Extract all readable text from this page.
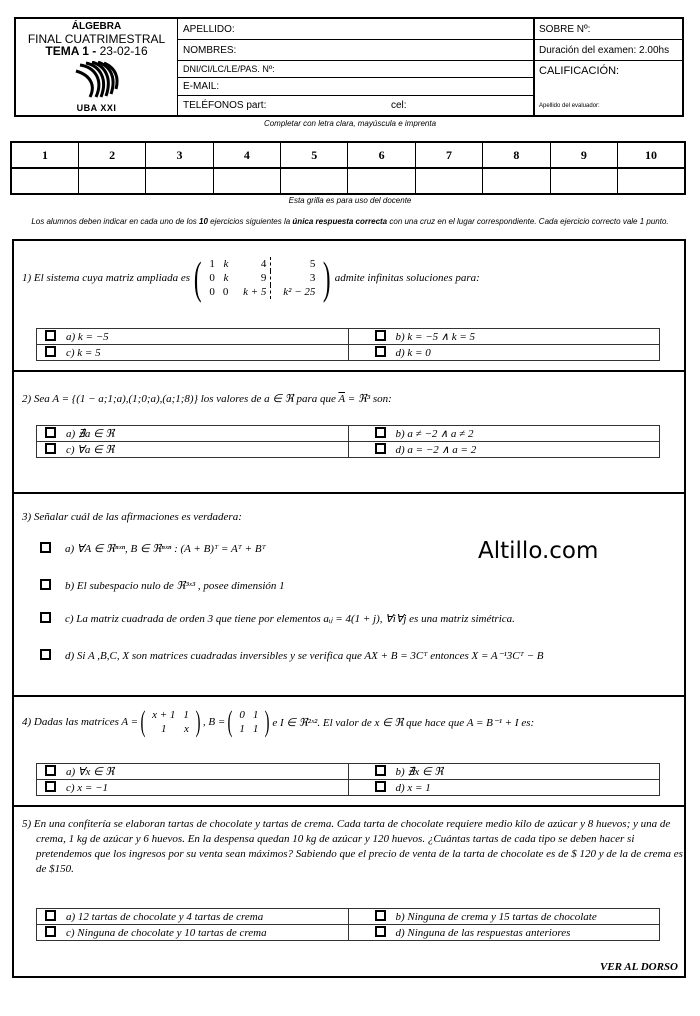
ÁLGEBRA
FINAL CUATRIMESTRAL
TEMA 1 - 23-02-16
UBA XXI
APELLIDO:
NOMBRES:
DNI/CI/LC/LE/PAS. Nº:
E-MAIL:
TELÉFONOS part:	cel:
SOBRE Nº:
Duración del examen: 2.00hs
CALIFICACIÓN:
Apellido del evaluador:
Completar con letra clara, mayúscula e imprenta
1	2	3	4	5	6	7	8	9	10

Esta grilla es para uso del docente
Los alumnos deben indicar en cada uno de los 10 ejercicios siguientes la única respuesta correcta con una cruz en el lugar correspondiente. Cada ejercicio correcto vale 1 punto.
1) El sistema cuya matriz ampliada es ( 1 k	4	5
0 k	9	3
0 0	k + 5	k² − 25 ) admite infinitas soluciones para:
a) k = −5	b) k = −5 ∧ k = 5
c) k = 5	d) k = 0
2) Sea A = {(1 − a;1;a),(1;0;a),(a;1;8)} los valores de a ∈ ℜ para que $\overline{A}$ = ℜ³ son:
a) ∄a ∈ ℜ	b) a ≠ −2 ∧ a ≠ 2
c) ∀a ∈ ℜ	d) a = −2 ∧ a = 2
3) Señalar cuál de las afirmaciones es verdadera:
a) ∀A ∈ ℜⁿˣⁿ, B ∈ ℜⁿˣⁿ : (A + B)ᵀ = Aᵀ + Bᵀ	Altillo.com
b) El subespacio nulo de ℜ³ˣ³ , posee dimensión 1
c) La matriz cuadrada de orden 3 que tiene por elementos aᵢⱼ = 4(1 + j), ∀i∀j es una matriz simétrica.
d) Si A ,B,C, X son matrices cuadradas inversibles y se verifica que AX + B = 3Cᵀ entonces X = A⁻¹3Cᵀ − B
4) Dadas las matrices A = ( x + 1 1
1	x ) , B = ( 0 1
1 1 ) e I ∈ ℜ²ˣ². El valor de x ∈ ℜ que hace que A = B⁻¹ + I es:
a) ∀x ∈ ℜ	b) ∄x ∈ ℜ
c) x = −1	d) x = 1
5) En una confitería se elaboran tartas de chocolate y tartas de crema. Cada tarta de chocolate requiere medio kilo de azúcar y 8 huevos; y una de crema, 1 kg de azúcar y 6 huevos. En la despensa quedan 10 kg de azúcar y 120 huevos. ¿Cuántas tartas de cada tipo se deben hacer si pretendemos que los ingresos por su venta sean máximos? Sabiendo que el precio de venta de la tarta de chocolate es de $ 120 y de la de crema es de $150.
a) 12 tartas de chocolate y 4 tartas de crema	b) Ninguna de crema y 15 tartas de chocolate
c) Ninguna de chocolate y 10 tartas de crema	d) Ninguna de las respuestas anteriores
VER AL DORSO
